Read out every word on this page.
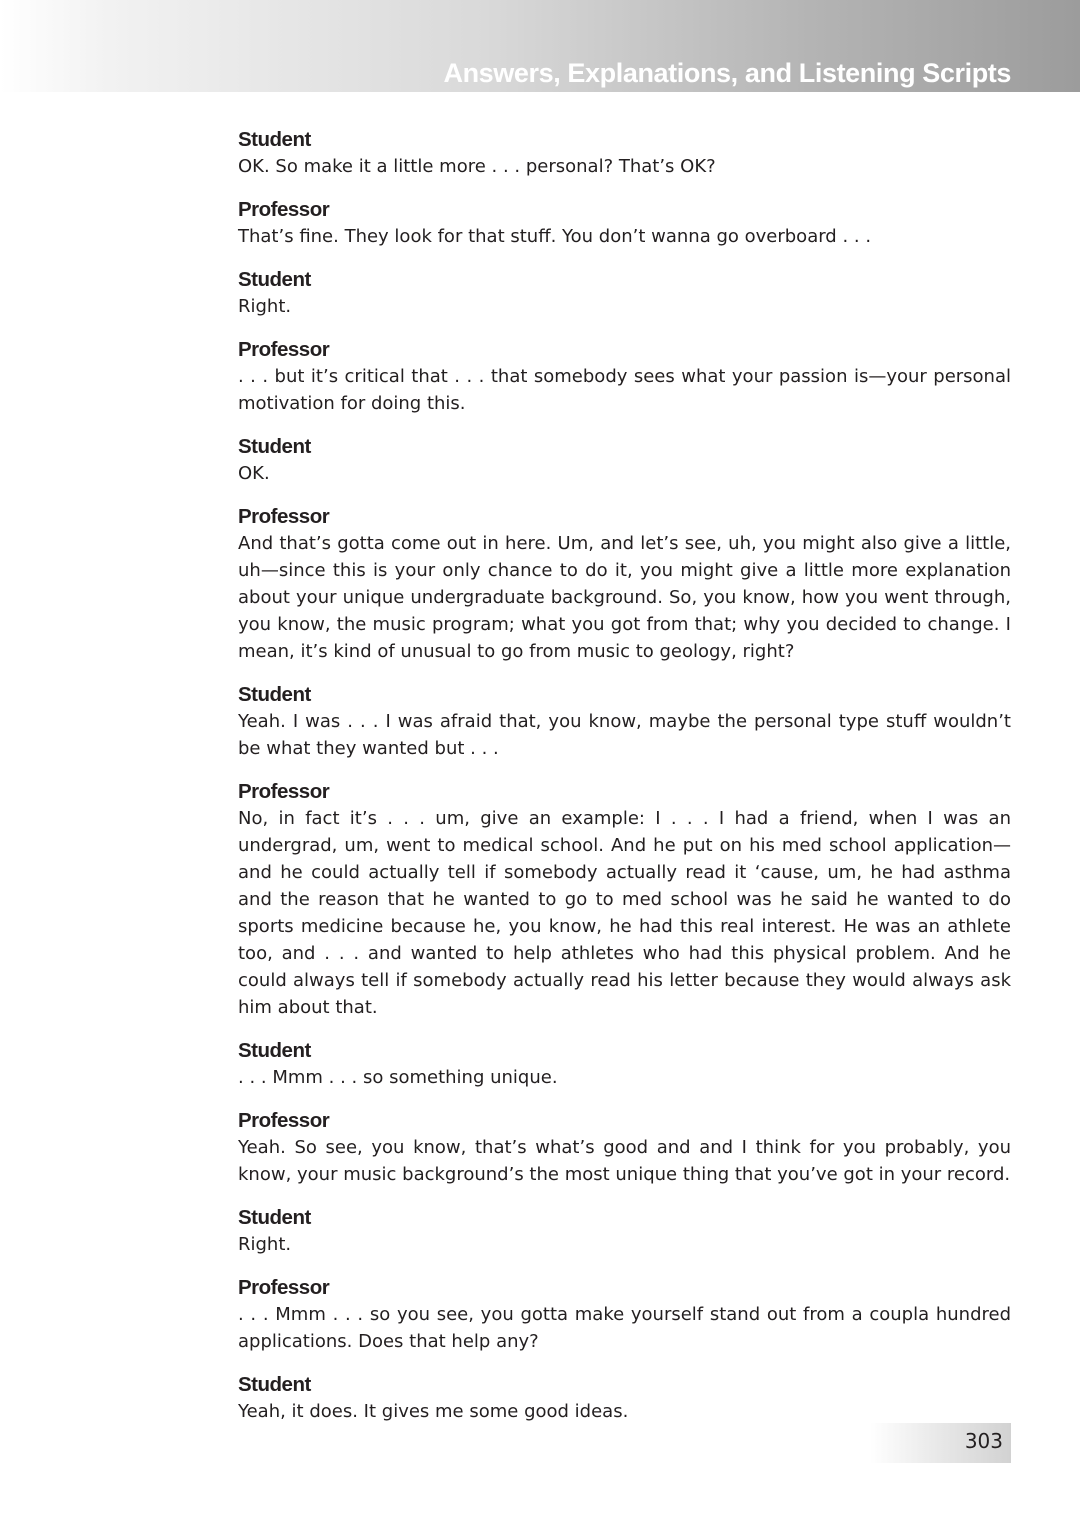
Answers, Explanations, and Listening Scripts
Student
OK. So make it a little more . . . personal? That’s OK?
Professor
That’s fine. They look for that stuff. You don’t wanna go overboard . . .
Student
Right.
Professor
. . . but it’s critical that . . . that somebody sees what your passion is—your personal motivation for doing this.
Student
OK.
Professor
And that’s gotta come out in here. Um, and let’s see, uh, you might also give a little, uh—since this is your only chance to do it, you might give a little more explanation about your unique undergraduate background. So, you know, how you went through, you know, the music program; what you got from that; why you decided to change. I mean, it’s kind of unusual to go from music to geology, right?
Student
Yeah. I was . . . I was afraid that, you know, maybe the personal type stuff wouldn’t be what they wanted but . . .
Professor
No, in fact it’s . . . um, give an example: I . . . I had a friend, when I was an undergrad, um, went to medical school. And he put on his med school application—and he could actually tell if somebody actually read it ‘cause, um, he had asthma and the reason that he wanted to go to med school was he said he wanted to do sports medicine because he, you know, he had this real interest. He was an athlete too, and . . . and wanted to help athletes who had this physical problem. And he could always tell if somebody actually read his letter because they would always ask him about that.
Student
. . . Mmm . . . so something unique.
Professor
Yeah. So see, you know, that’s what’s good and and I think for you probably, you know, your music background’s the most unique thing that you’ve got in your record.
Student
Right.
Professor
. . . Mmm . . . so you see, you gotta make yourself stand out from a coupla hundred applications. Does that help any?
Student
Yeah, it does. It gives me some good ideas.
303
